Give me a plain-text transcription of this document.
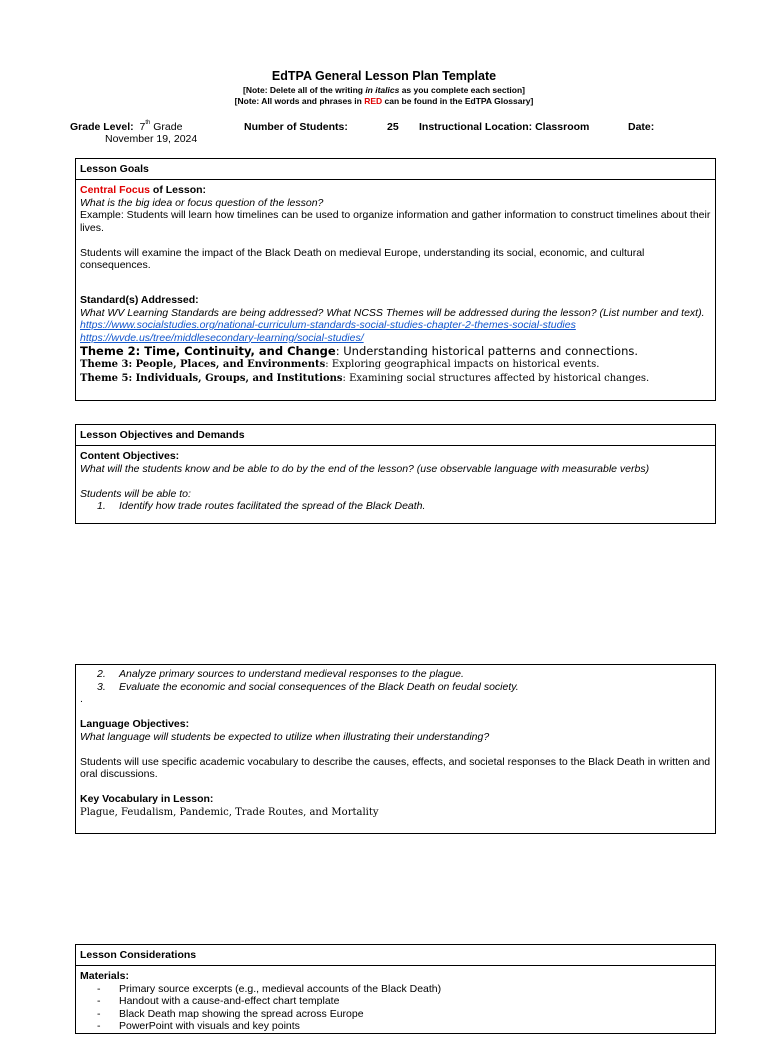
EdTPA General Lesson Plan Template
[Note: Delete all of the writing in italics as you complete each section]
[Note: All words and phrases in RED can be found in the EdTPA Glossary]
Grade Level: 7th Grade	Number of Students:	25 Instructional Location: Classroom	Date:
November 19, 2024
Lesson Goals
Central Focus of Lesson:
What is the big idea or focus question of the lesson?
Example: Students will learn how timelines can be used to organize information and gather information to construct timelines about their lives.
Students will examine the impact of the Black Death on medieval Europe, understanding its social, economic, and cultural consequences.
Standard(s) Addressed:
What WV Learning Standards are being addressed? What NCSS Themes will be addressed during the lesson? (List number and text).
https://www.socialstudies.org/national-curriculum-standards-social-studies-chapter-2-themes-social-studies
https://wvde.us/tree/middlesecondary-learning/social-studies/
Theme 2: Time, Continuity, and Change: Understanding historical patterns and connections.
Theme 3: People, Places, and Environments: Exploring geographical impacts on historical events.
Theme 5: Individuals, Groups, and Institutions: Examining social structures affected by historical changes.
Lesson Objectives and Demands
Content Objectives:
What will the students know and be able to do by the end of the lesson? (use observable language with measurable verbs)
Students will be able to:
1. Identify how trade routes facilitated the spread of the Black Death.
2. Analyze primary sources to understand medieval responses to the plague.
3. Evaluate the economic and social consequences of the Black Death on feudal society.
.
Language Objectives:
What language will students be expected to utilize when illustrating their understanding?
Students will use specific academic vocabulary to describe the causes, effects, and societal responses to the Black Death in written and oral discussions.
Key Vocabulary in Lesson:
Plague, Feudalism, Pandemic, Trade Routes, and Mortality
Lesson Considerations
Materials:
- Primary source excerpts (e.g., medieval accounts of the Black Death)
- Handout with a cause-and-effect chart template
- Black Death map showing the spread across Europe
- PowerPoint with visuals and key points
